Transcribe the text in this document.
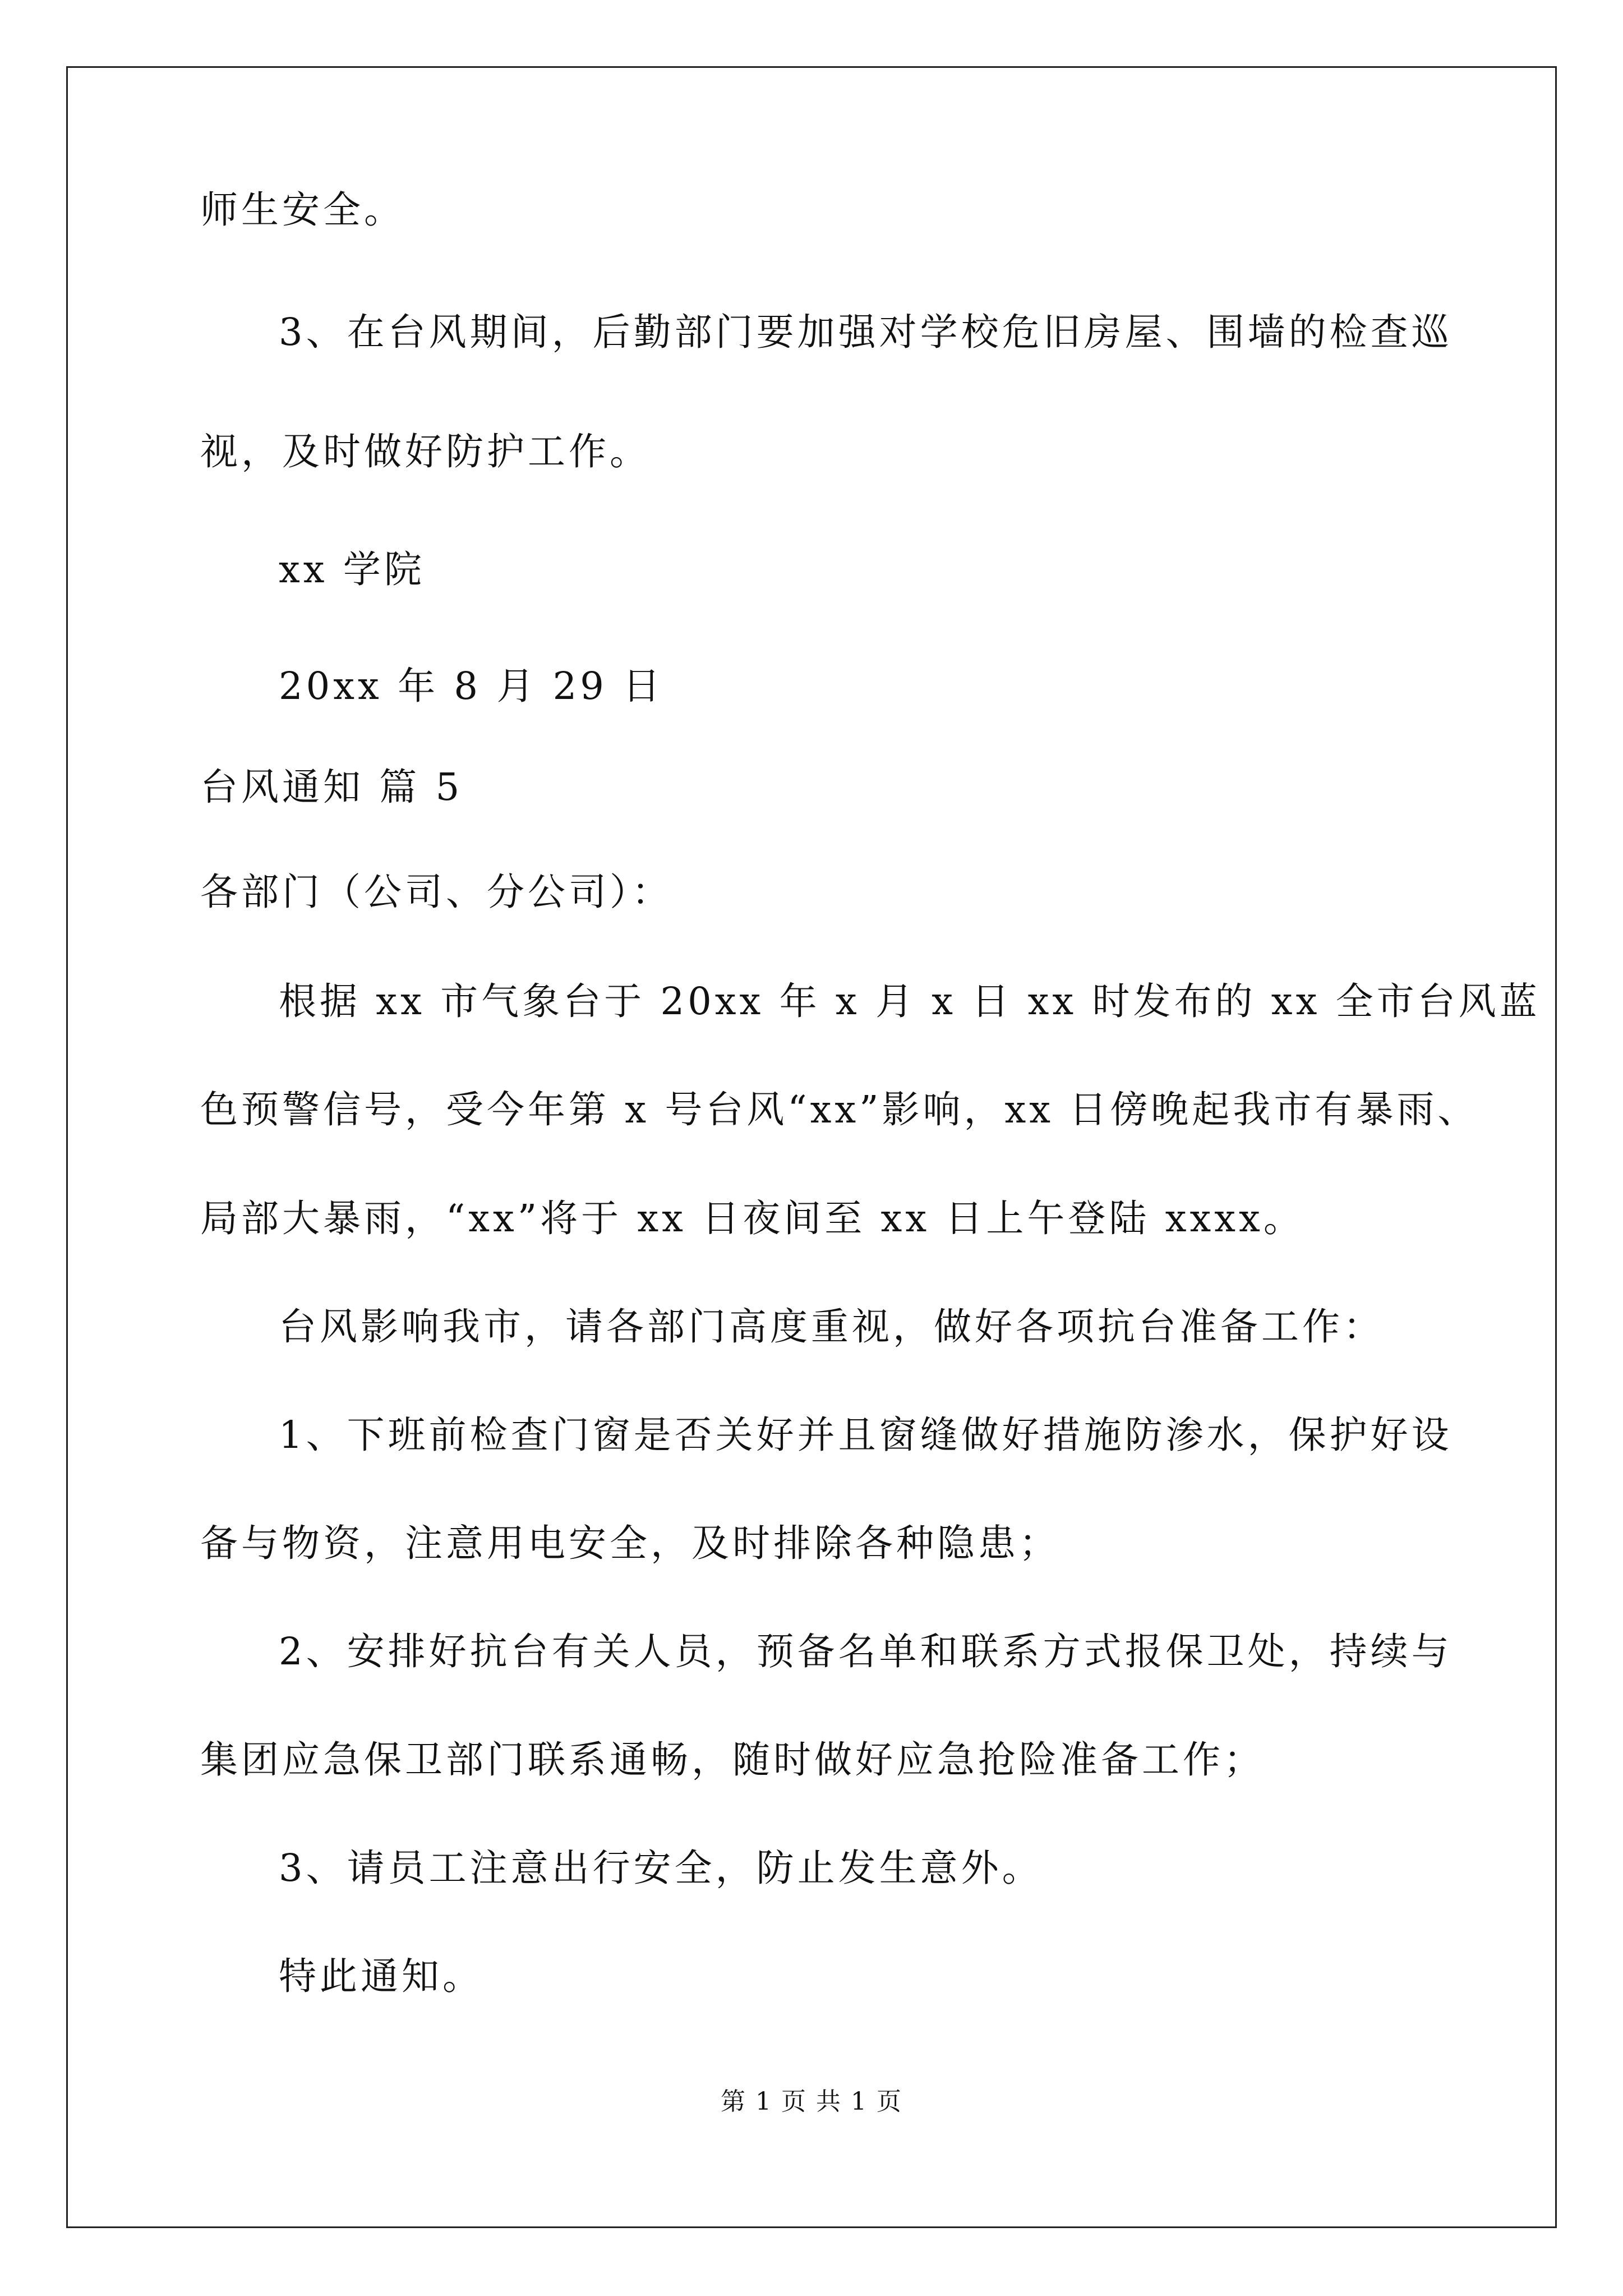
师生安全。
3、在台风期间，后勤部门要加强对学校危旧房屋、围墙的检查巡
视，及时做好防护工作。
xx 学院
20xx 年 8 月 29 日
台风通知 篇 5
各部门（公司、分公司）：
根据 xx 市气象台于 20xx 年 x 月 x 日 xx 时发布的 xx 全市台风蓝
色预警信号，受今年第 x 号台风“xx”影响，xx 日傍晚起我市有暴雨、
局部大暴雨，“xx”将于 xx 日夜间至 xx 日上午登陆 xxxx。
台风影响我市，请各部门高度重视，做好各项抗台准备工作：
1、下班前检查门窗是否关好并且窗缝做好措施防渗水，保护好设
备与物资，注意用电安全，及时排除各种隐患；
2、安排好抗台有关人员，预备名单和联系方式报保卫处，持续与
集团应急保卫部门联系通畅，随时做好应急抢险准备工作；
3、请员工注意出行安全，防止发生意外。
特此通知。
第 1 页 共 1 页
